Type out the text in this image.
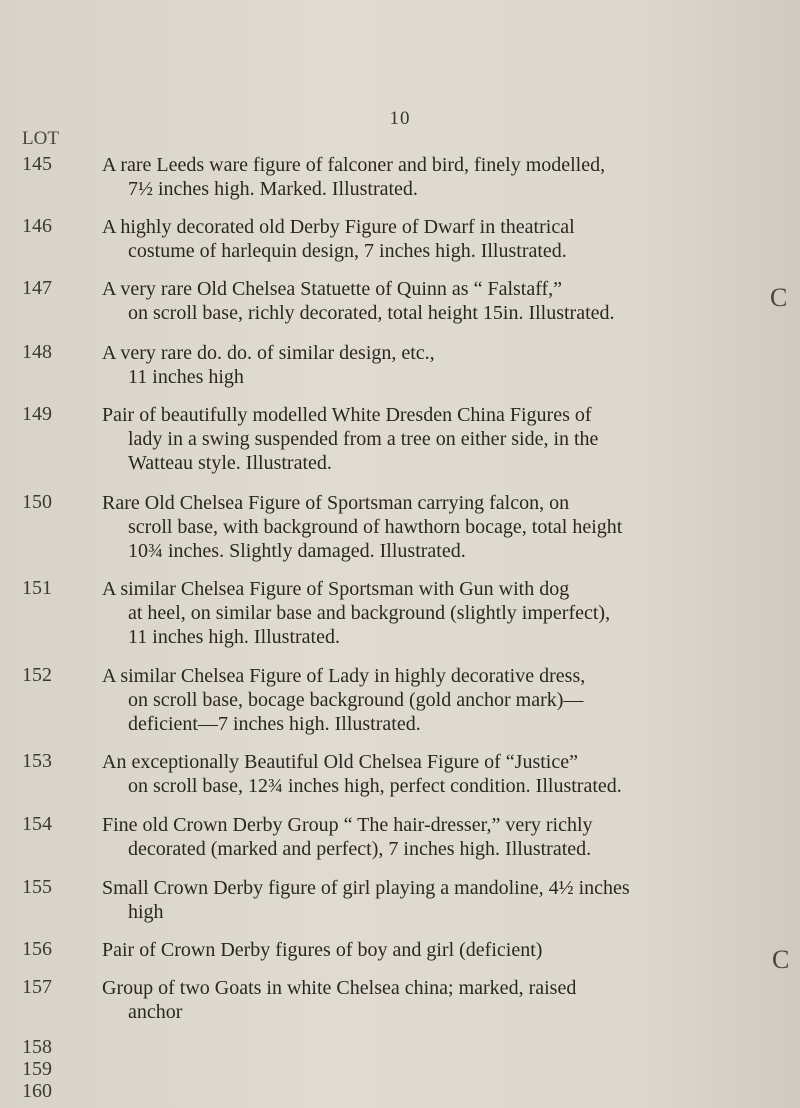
10
LOT
145	A rare Leeds ware figure of falconer and bird, finely modelled,
7½ inches high. Marked. Illustrated.
146	A highly decorated old Derby Figure of Dwarf in theatrical
costume of harlequin design, 7 inches high. Illustrated.
147	A very rare Old Chelsea Statuette of Quinn as “ Falstaff,”
on scroll base, richly decorated, total height 15in. Illustrated.
148	A very rare do. do. of similar design, etc.,
11 inches high
149	Pair of beautifully modelled White Dresden China Figures of
lady in a swing suspended from a tree on either side, in the
Watteau style. Illustrated.
150	Rare Old Chelsea Figure of Sportsman carrying falcon, on
scroll base, with background of hawthorn bocage, total height
10¾ inches. Slightly damaged. Illustrated.
151	A similar Chelsea Figure of Sportsman with Gun with dog
at heel, on similar base and background (slightly imperfect),
11 inches high. Illustrated.
152	A similar Chelsea Figure of Lady in highly decorative dress,
on scroll base, bocage background (gold anchor mark)—
deficient—7 inches high. Illustrated.
153	An exceptionally Beautiful Old Chelsea Figure of “Justice”
on scroll base, 12¾ inches high, perfect condition. Illustrated.
154	Fine old Crown Derby Group “ The hair-dresser,” very richly
decorated (marked and perfect), 7 inches high. Illustrated.
155	Small Crown Derby figure of girl playing a mandoline, 4½ inches
high
156	Pair of Crown Derby figures of boy and girl (deficient)
157	Group of two Goats in white Chelsea china; marked, raised
anchor
158
159
160
C
C
